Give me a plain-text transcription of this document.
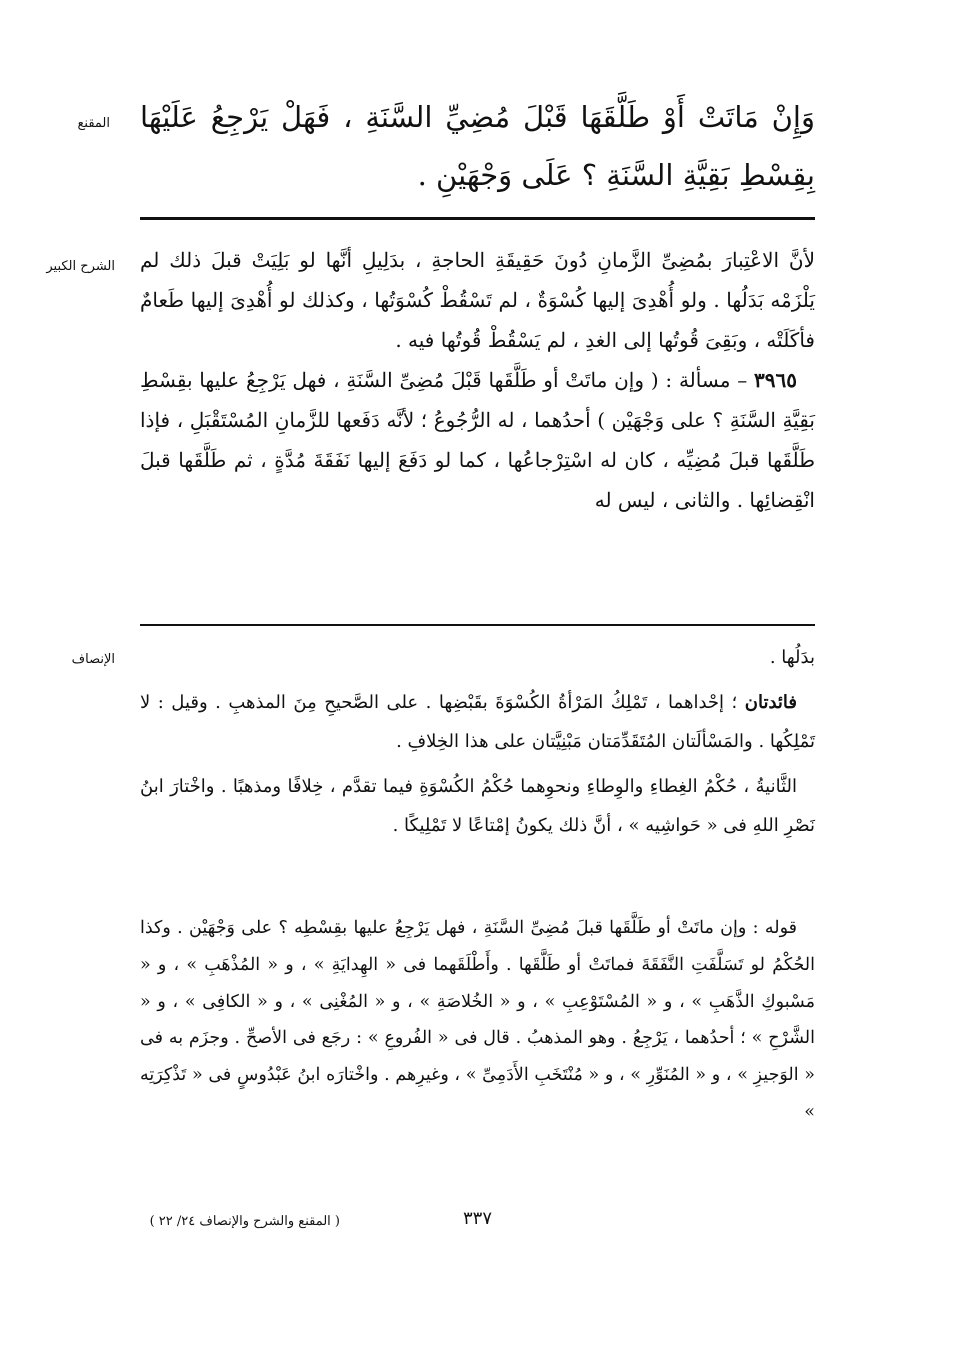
المقنع
الشرح الكبير
الإنصاف

وَإِنْ مَاتَتْ أَوْ طَلَّقَهَا قَبْلَ مُضِيِّ السَّنَةِ ، فَهَلْ يَرْجِعُ عَلَيْهَا بِقِسْطِ بَقِيَّةِ السَّنَةِ ؟ عَلَى وَجْهَيْنِ .

لأنَّ الاعْتِبارَ بمُضِىِّ الزَّمانِ دُونَ حَقِيقَةِ الحاجةِ ، بدَلِيلِ أنَّها لو بَلِيَتْ قبلَ ذلك لم يَلْزَمْه بَدَلُها . ولو أُهْدِىَ إليها كُسْوَةٌ ، لم تَسْقُطْ كُسْوَتُها ، وكذلك لو أُهْدِىَ إليها طَعامٌ فأكَلَتْه ، وبَقِىَ قُوتُها إلى الغدِ ، لم يَسْقُطْ قُوتُها فيه .

٣٩٦٥ – مسألة : ( وإن ماتَتْ أو طَلَّقَها قَبْلَ مُضِىِّ السَّنَةِ ، فهل يَرْجِعُ عليها بقِسْطِ بَقِيَّةِ السَّنَةِ ؟ على وَجْهَيْن ) أحدُهما ، له الرُّجُوعُ ؛ لأنَّه دَفَعها للزَّمانِ المُسْتَقْبَلِ ، فإذا طَلَّقَها قبلَ مُضِيِّه ، كان له اسْتِرْجاعُها ، كما لو دَفَعَ إليها نَفَقَةَ مُدَّةٍ ، ثم طَلَّقَها قبلَ انْقِضائِها . والثانى ، ليس له

بدَلُها .

فائدتان ؛ إحْداهما ، تَمْلِكُ المَرْأةُ الكُسْوَةَ بقَبْضِها . على الصَّحيحِ مِنَ المذهبِ . وقيل : لا تَمْلِكُها . والمَسْألَتان المُتَقَدِّمَتان مَبْنِيَّتان على هذا الخِلافِ .

الثَّانيةُ ، حُكْمُ الغِطاءِ والوِطاءِ ونحوِهما حُكْمُ الكُسْوَةِ فيما تقدَّم ، خِلافًا ومذهبًا . واخْتارَ ابنُ نَصْرِ اللهِ فى « حَواشِيه » ، أنَّ ذلك يكونُ إمْتاعًا لا تَمْلِيكًا .

قوله : وإن ماتَتْ أو طَلَّقَها قبلَ مُضِىِّ السَّنَةِ ، فهل يَرْجِعُ عليها بقِسْطِه ؟ على وَجْهَيْن . وكذا الحُكْمُ لو تَسَلَّفَتِ النَّفَقَةَ فماتَتْ أو طَلَّقَها . وأَطْلَقَهما فى « الهِدايَةِ » ، و « المُذْهَبِ » ، و « مَسْبوكِ الذَّهَبِ » ، و « المُسْتَوْعِبِ » ، و « الخُلاصَةِ » ، و « المُغْنِى » ، و « الكافِى » ، و « الشَّرْحِ » ؛ أحدُهما ، يَرْجِعُ . وهو المذهبُ . قال فى « الفُروعِ » : رجَع فى الأصحِّ . وجزَم به فى « الوَجيزِ » ، و « المُنَوِّرِ » ، و « مُنْتَخَبِ الأَدَمِىِّ » ، وغيرِهم . واخْتارَه ابنُ عَبْدُوسٍ فى « تَذْكِرَتِه »

٣٣٧
( المقنع والشرح والإنصاف ٢٤/ ٢٢ )
